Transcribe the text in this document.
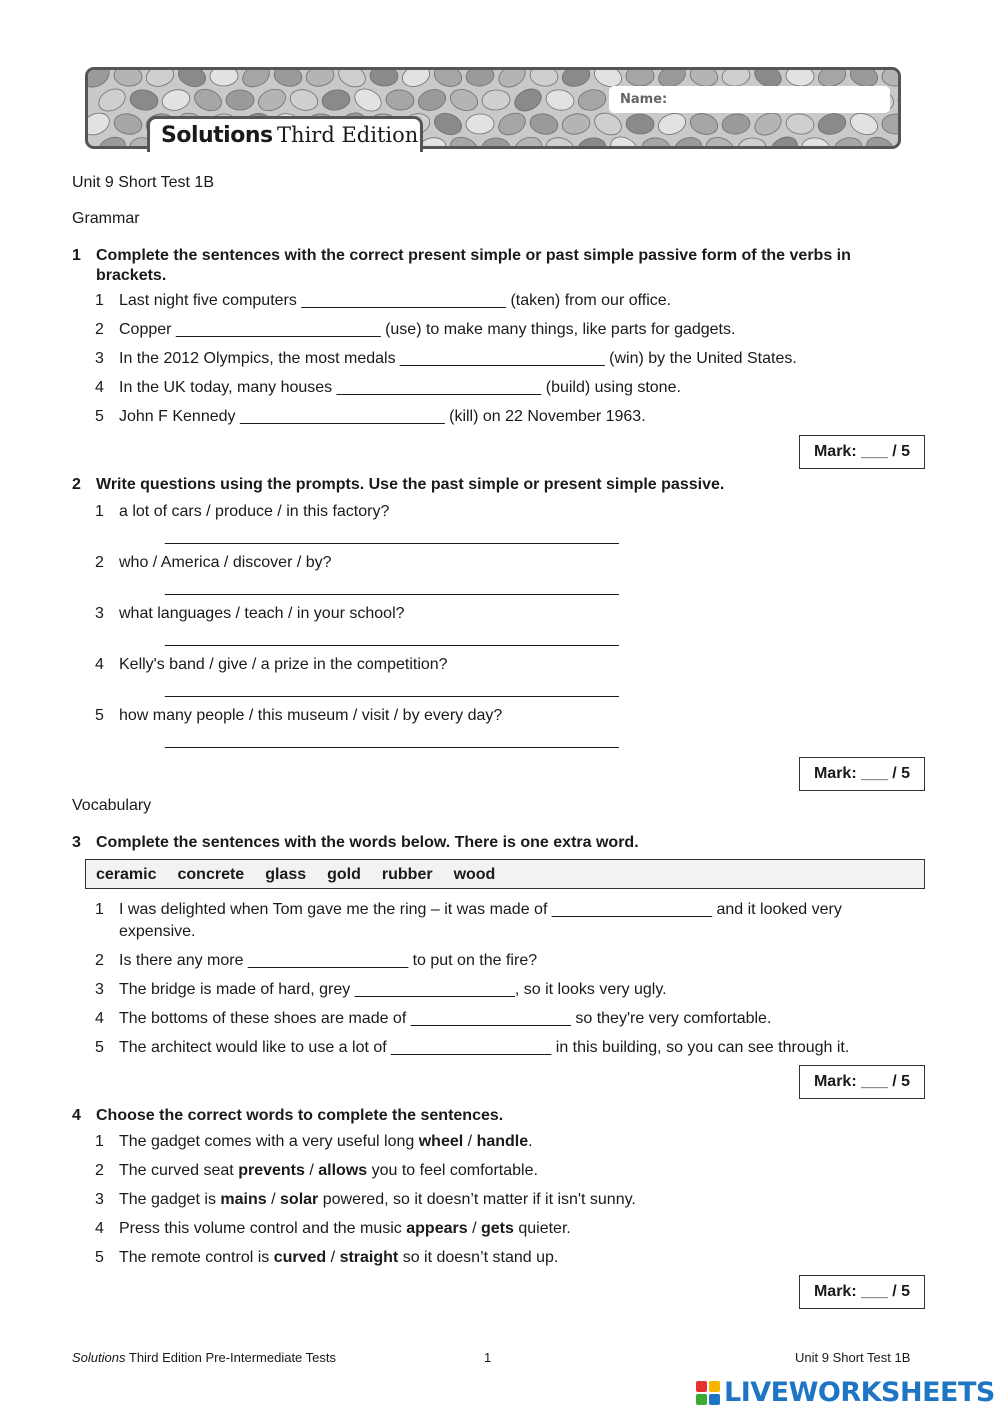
Name:
Solutions Third Edition
Unit 9 Short Test 1B
Grammar
1 Complete the sentences with the correct present simple or past simple passive form of the verbs in brackets.
1 Last night five computers _______________________ (taken) from our office.
2 Copper _______________________ (use) to make many things, like parts for gadgets.
3 In the 2012 Olympics, the most medals _______________________ (win) by the United States.
4 In the UK today, many houses _______________________ (build) using stone.
5 John F Kennedy _______________________ (kill) on 22 November 1963.
Mark: ___ / 5
2 Write questions using the prompts. Use the past simple or present simple passive.
1 a lot of cars / produce / in this factory?
___________________________________________________
2 who / America / discover / by?
___________________________________________________
3 what languages / teach / in your school?
___________________________________________________
4 Kelly's band / give / a prize in the competition?
___________________________________________________
5 how many people / this museum / visit / by every day?
___________________________________________________
Mark: ___ / 5
Vocabulary
3 Complete the sentences with the words below. There is one extra word.
ceramic concrete glass gold rubber wood
1 I was delighted when Tom gave me the ring – it was made of __________________ and it looked very
expensive.
2 Is there any more __________________ to put on the fire?
3 The bridge is made of hard, grey __________________, so it looks very ugly.
4 The bottoms of these shoes are made of __________________ so they're very comfortable.
5 The architect would like to use a lot of __________________ in this building, so you can see through it.
Mark: ___ / 5
4 Choose the correct words to complete the sentences.
1 The gadget comes with a very useful long wheel / handle.
2 The curved seat prevents / allows you to feel comfortable.
3 The gadget is mains / solar powered, so it doesn’t matter if it isn't sunny.
4 Press this volume control and the music appears / gets quieter.
5 The remote control is curved / straight so it doesn’t stand up.
Mark: ___ / 5
Solutions Third Edition Pre-Intermediate Tests	1	Unit 9 Short Test 1B
LIVEWORKSHEETS
